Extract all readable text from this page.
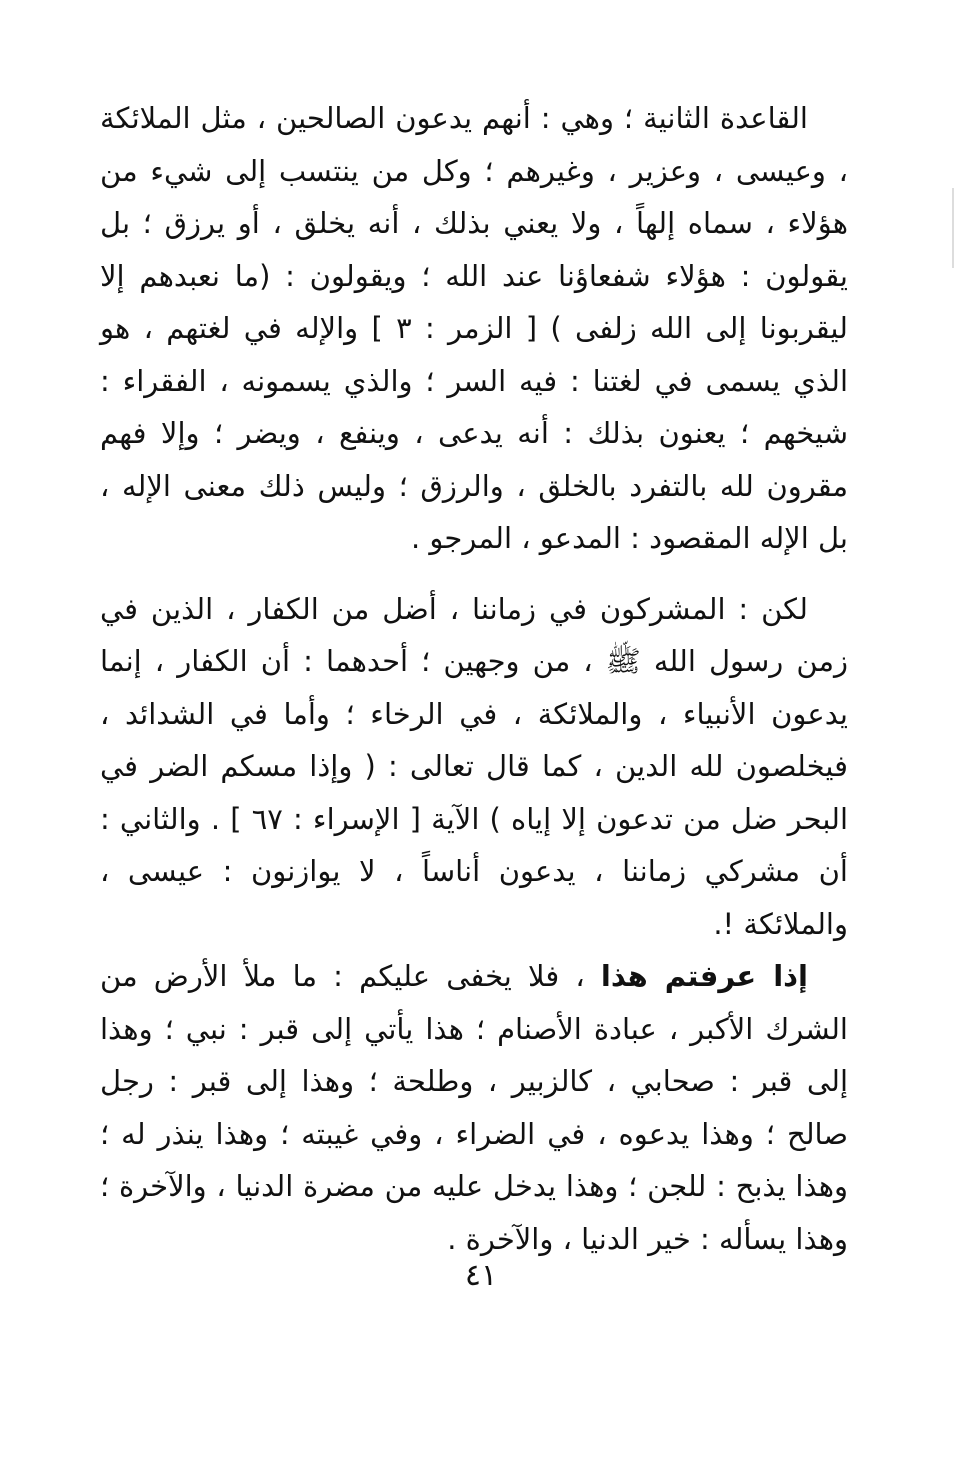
القاعدة الثانية ؛ وهي : أنهم يدعون الصالحين ، مثل الملائكة ، وعيسى ، وعزير ، وغيرهم ؛ وكل من ينتسب إلى شيء من هؤلاء ، سماه إلهاً ، ولا يعني بذلك ، أنه يخلق ، أو يرزق ؛ بل يقولون : هؤلاء شفعاؤنا عند الله ؛ ويقولون : (ما نعبدهم إلا ليقربونا إلى الله زلفى ) [ الزمر : ٣ ] والإله في لغتهم ، هو الذي يسمى في لغتنا : فيه السر ؛ والذي يسمونه ، الفقراء : شيخهم ؛ يعنون بذلك : أنه يدعى ، وينفع ، ويضر ؛ وإلا فهم مقرون لله بالتفرد بالخلق ، والرزق ؛ وليس ذلك معنى الإله ، بل الإله المقصود : المدعو ، المرجو .

لكن : المشركون في زماننا ، أضل من الكفار ، الذين في زمن رسول الله ﷺ ، من وجهين ؛ أحدهما : أن الكفار ، إنما يدعون الأنبياء ، والملائكة ، في الرخاء ؛ وأما في الشدائد ، فيخلصون لله الدين ، كما قال تعالى : ( وإذا مسكم الضر في البحر ضل من تدعون إلا إياه ) الآية [ الإسراء : ٦٧ ] . والثاني : أن مشركي زماننا ، يدعون أناساً ، لا يوازنون : عيسى ، والملائكة !.

إذا عرفتم هذا ، فلا يخفى عليكم : ما ملأ الأرض من الشرك الأكبر ، عبادة الأصنام ؛ هذا يأتي إلى قبر : نبي ؛ وهذا إلى قبر : صحابي ، كالزبير ، وطلحة ؛ وهذا إلى قبر : رجل صالح ؛ وهذا يدعوه ، في الضراء ، وفي غيبته ؛ وهذا ينذر له ؛ وهذا يذبح : للجن ؛ وهذا يدخل عليه من مضرة الدنيا ، والآخرة ؛ وهذا يسأله : خير الدنيا ، والآخرة .

٤١
